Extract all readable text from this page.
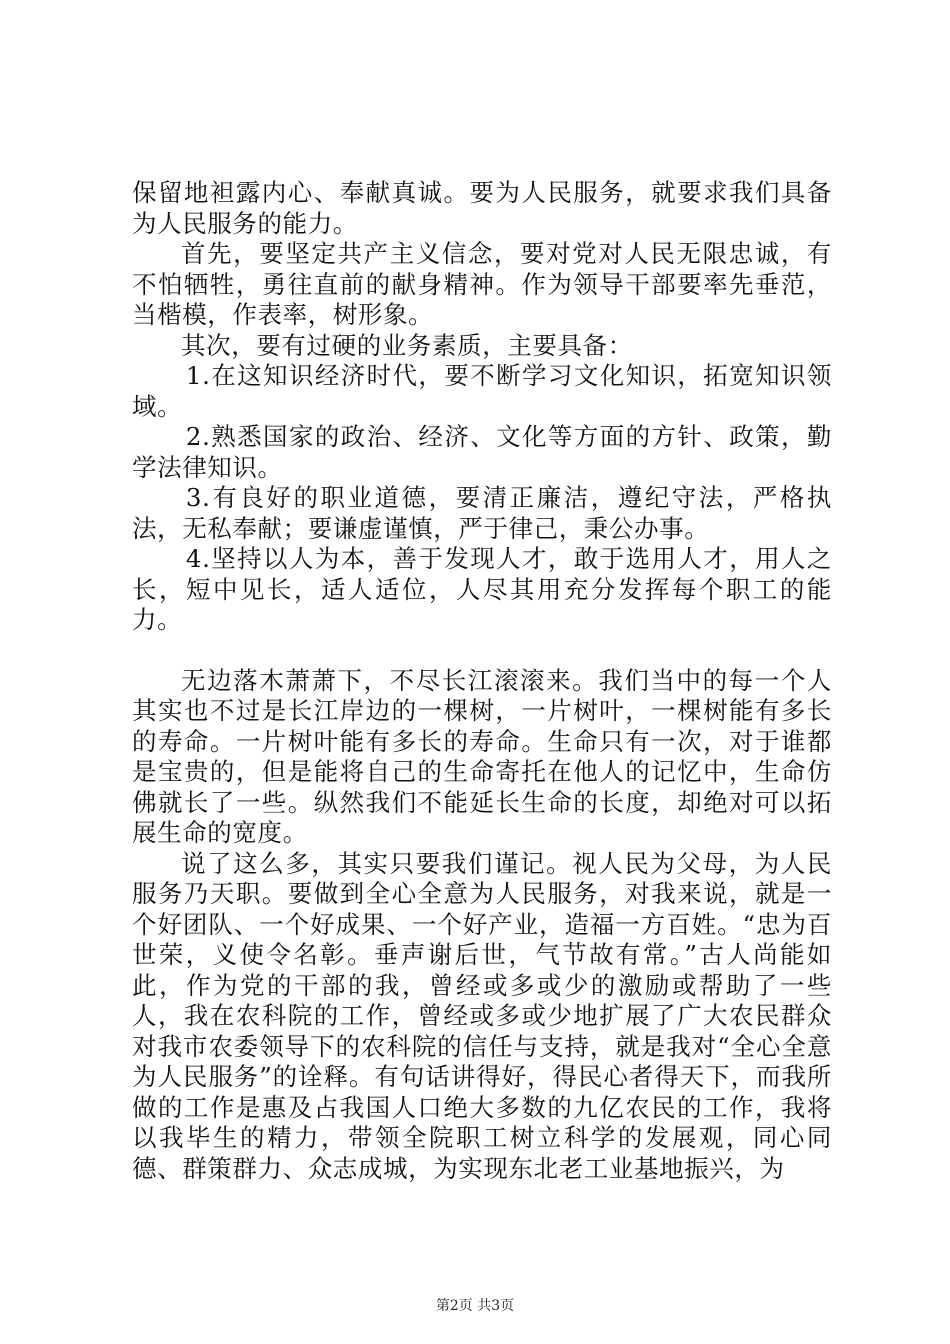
保留地袒露内心、奉献真诚。要为人民服务，就要求我们具备为人民服务的能力。

首先，要坚定共产主义信念，要对党对人民无限忠诚，有不怕牺牲，勇往直前的献身精神。作为领导干部要率先垂范，当楷模，作表率，树形象。

其次，要有过硬的业务素质，主要具备：

1.在这知识经济时代，要不断学习文化知识，拓宽知识领域。

2.熟悉国家的政治、经济、文化等方面的方针、政策，勤学法律知识。

3.有良好的职业道德，要清正廉洁，遵纪守法，严格执法，无私奉献；要谦虚谨慎，严于律己，秉公办事。

4.坚持以人为本，善于发现人才，敢于选用人才，用人之长，短中见长，适人适位，人尽其用充分发挥每个职工的能力。

无边落木萧萧下，不尽长江滚滚来。我们当中的每一个人其实也不过是长江岸边的一棵树，一片树叶，一棵树能有多长的寿命。一片树叶能有多长的寿命。生命只有一次，对于谁都是宝贵的，但是能将自己的生命寄托在他人的记忆中，生命仿佛就长了一些。纵然我们不能延长生命的长度，却绝对可以拓展生命的宽度。

说了这么多，其实只要我们谨记。视人民为父母，为人民服务乃天职。要做到全心全意为人民服务，对我来说，就是一个好团队、一个好成果、一个好产业，造福一方百姓。“忠为百世荣，义使令名彰。垂声谢后世，气节故有常。”古人尚能如此，作为党的干部的我，曾经或多或少的激励或帮助了一些人，我在农科院的工作，曾经或多或少地扩展了广大农民群众对我市农委领导下的农科院的信任与支持，就是我对“全心全意为人民服务”的诠释。有句话讲得好，得民心者得天下，而我所做的工作是惠及占我国人口绝大多数的九亿农民的工作，我将以我毕生的精力，带领全院职工树立科学的发展观，同心同德、群策群力、众志成城，为实现东北老工业基地振兴，为

第2页 共3页
